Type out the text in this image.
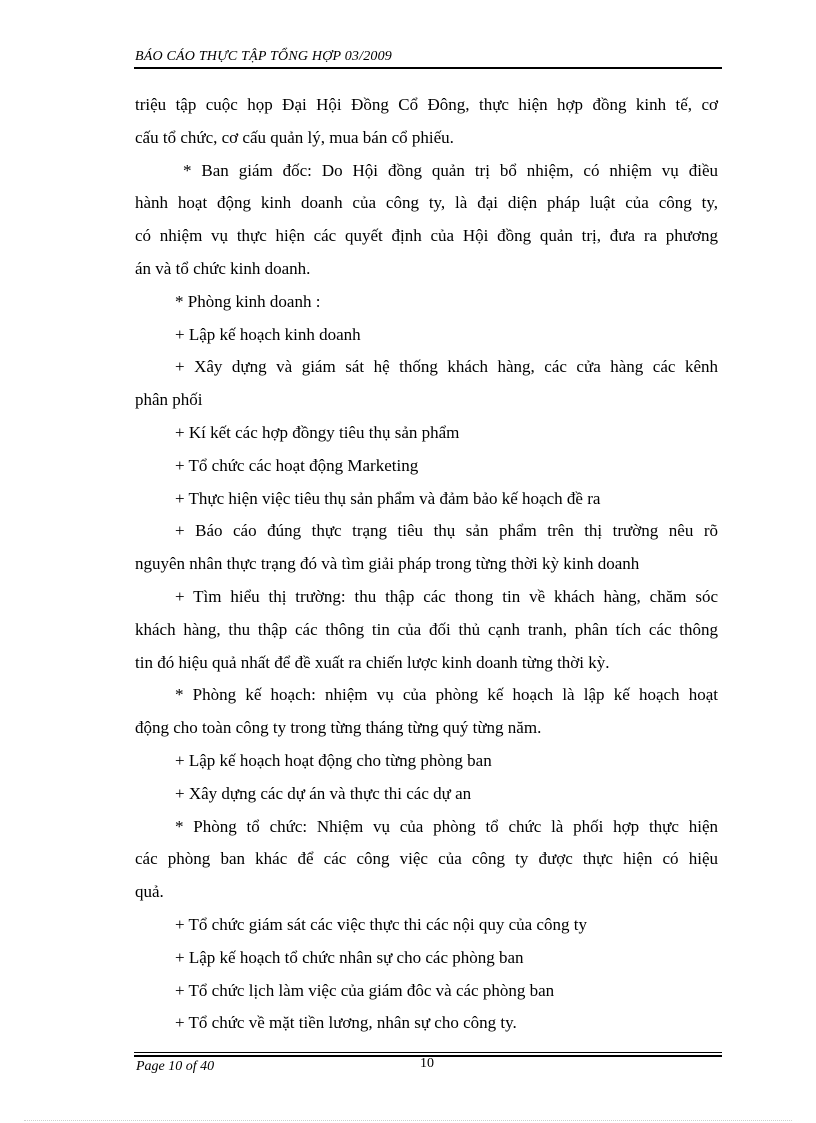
BÁO CÁO THỰC TẬP TỔNG HỢP 03/2009
triệu tập cuộc họp Đại Hội Đồng Cổ Đông, thực hiện hợp đồng kinh tế, cơ
cấu tổ chức, cơ cấu quản lý, mua bán cổ phiếu.
* Ban giám đốc: Do Hội đồng quản trị bổ nhiệm, có nhiệm vụ điều
hành hoạt động kinh doanh của công ty, là đại diện pháp luật của công ty,
có nhiệm vụ thực hiện các quyết định của Hội đồng quản trị, đưa ra phương
án và tổ chức kinh doanh.
* Phòng kinh doanh :
+ Lập kế hoạch kinh doanh
+ Xây dựng và giám sát hệ thống khách hàng, các cửa hàng các kênh
phân phối
+ Kí kết các hợp đồngy tiêu thụ sản phẩm
+ Tổ chức các hoạt động Marketing
+ Thực hiện việc tiêu thụ sản phẩm và đảm bảo kế hoạch đề ra
+ Báo cáo đúng thực trạng tiêu thụ sản phẩm trên thị trường nêu rõ
nguyên nhân thực trạng đó và tìm giải pháp trong từng thời kỳ kinh doanh
+ Tìm hiểu thị trường: thu thập các thong tin về khách hàng, chăm sóc
khách hàng, thu thập các thông tin của đối thủ cạnh tranh, phân tích các thông
tin đó hiệu quả nhất để đề xuất ra chiến lược kinh doanh từng thời kỳ.
* Phòng kế hoạch: nhiệm vụ của phòng kế hoạch là lập kế hoạch hoạt
động cho toàn công ty trong từng tháng từng quý từng năm.
+ Lập kế hoạch hoạt động cho từng phòng ban
+ Xây dựng các dự án và thực thi các dự an
* Phòng tổ chức: Nhiệm vụ của phòng tổ chức là phối hợp thực hiện
các phòng ban khác để các công việc của công ty được thực hiện có hiệu
quả.
+ Tổ chức giám sát các việc thực thi các nội quy của công ty
+ Lập kế hoạch tổ chức nhân sự cho các phòng ban
+ Tổ chức lịch làm việc của giám đôc và các phòng ban
+ Tổ chức về mặt tiền lương, nhân sự cho công ty.
Page 10 of 40	10
